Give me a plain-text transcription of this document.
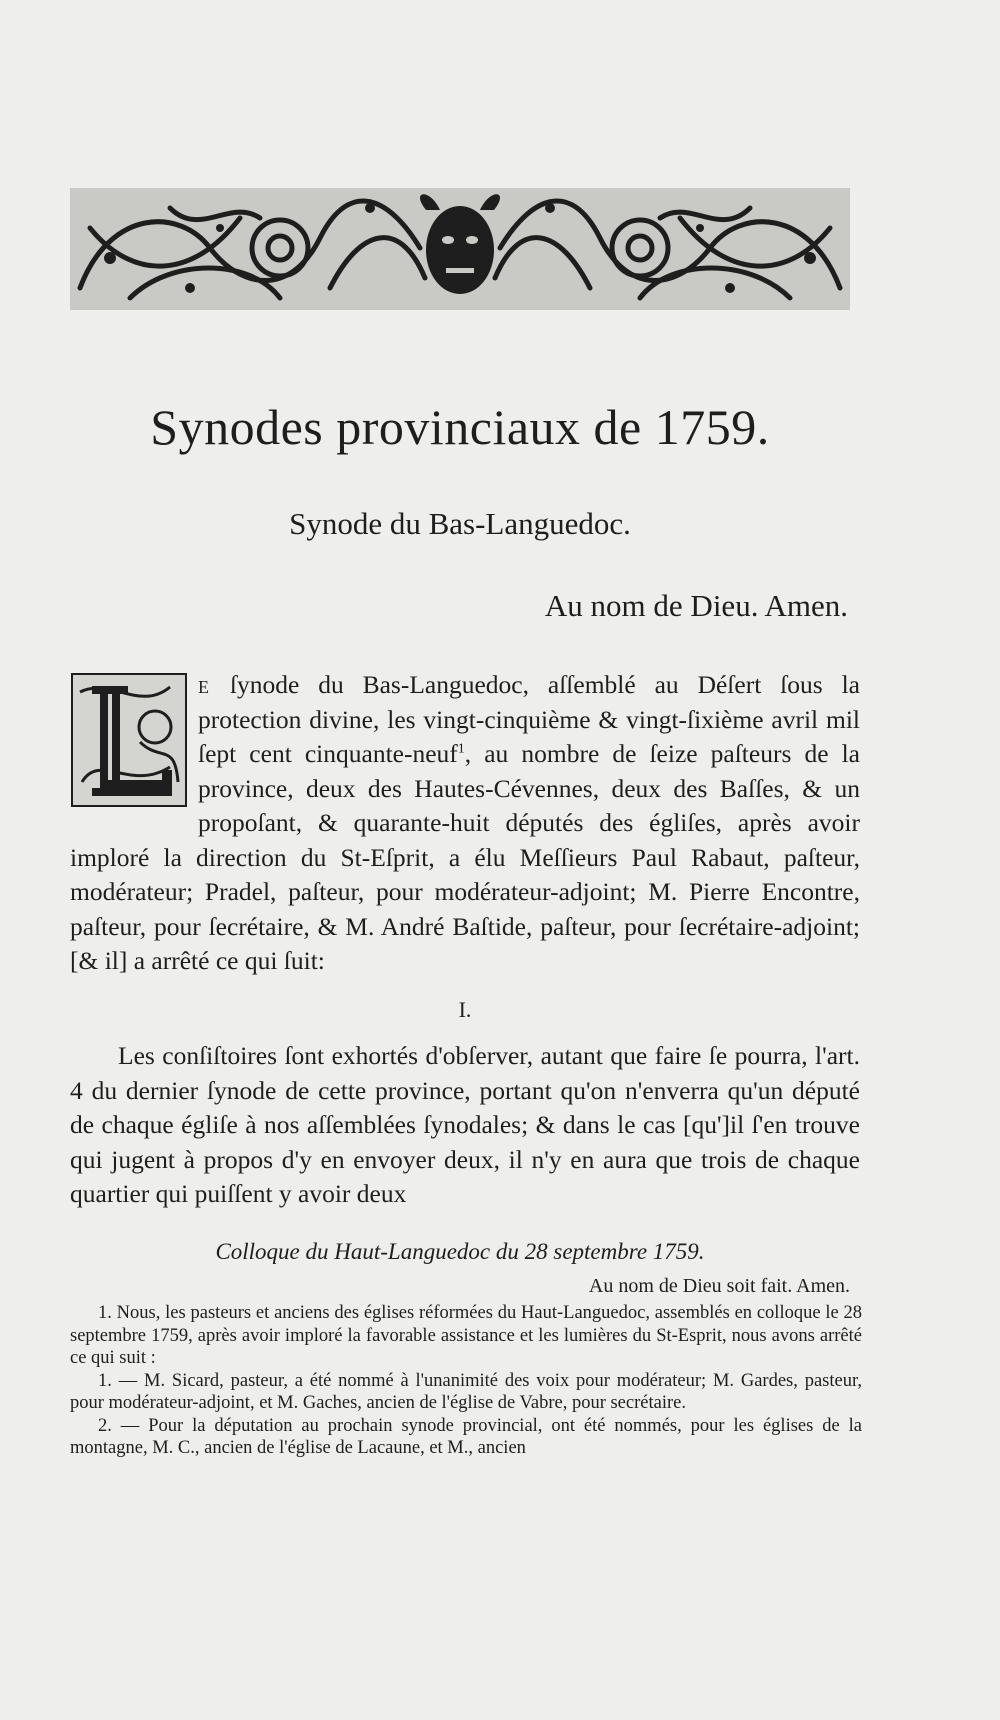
Synodes provinciaux de 1759.
Synode du Bas-Languedoc.
Au nom de Dieu. Amen.

e ſynode du Bas-Languedoc, aſſemblé au Déſert ſous la protection divine, les vingt-cinquième & vingt-ſixième avril mil ſept cent cinquante-neuf$^1$, au nombre de ſeize paſteurs de la province, deux des Hautes-Cévennes, deux des Baſſes, & un propoſant, & quarante-huit députés des égliſes, après avoir imploré la direction du St-Eſprit, a élu Meſſieurs Paul Rabaut, paſteur, modérateur; Pradel, paſteur, pour modérateur-adjoint; M. Pierre Encontre, paſteur, pour ſecrétaire, & M. André Baſtide, paſteur, pour ſecrétaire-adjoint; [& il] a arrêté ce qui ſuit:

I.

Les conſiſtoires ſont exhortés d'obſerver, autant que faire ſe pourra, l'art. 4 du dernier ſynode de cette province, portant qu'on n'enverra qu'un député de chaque égliſe à nos aſſemblées ſynodales; & dans le cas [qu']il ſ'en trouve qui jugent à propos d'y en envoyer deux, il n'y en aura que trois de chaque quartier qui puiſſent y avoir deux

Colloque du Haut-Languedoc du 28 septembre 1759.
Au nom de Dieu soit fait. Amen.

1. Nous, les pasteurs et anciens des églises réformées du Haut-Languedoc, assemblés en colloque le 28 septembre 1759, après avoir imploré la favorable assistance et les lumières du St-Esprit, nous avons arrêté ce qui suit :

1. — M. Sicard, pasteur, a été nommé à l'unanimité des voix pour modérateur; M. Gardes, pasteur, pour modérateur-adjoint, et M. Gaches, ancien de l'église de Vabre, pour secrétaire.

2. — Pour la députation au prochain synode provincial, ont été nommés, pour les églises de la montagne, M. C., ancien de l'église de Lacaune, et M., ancien
